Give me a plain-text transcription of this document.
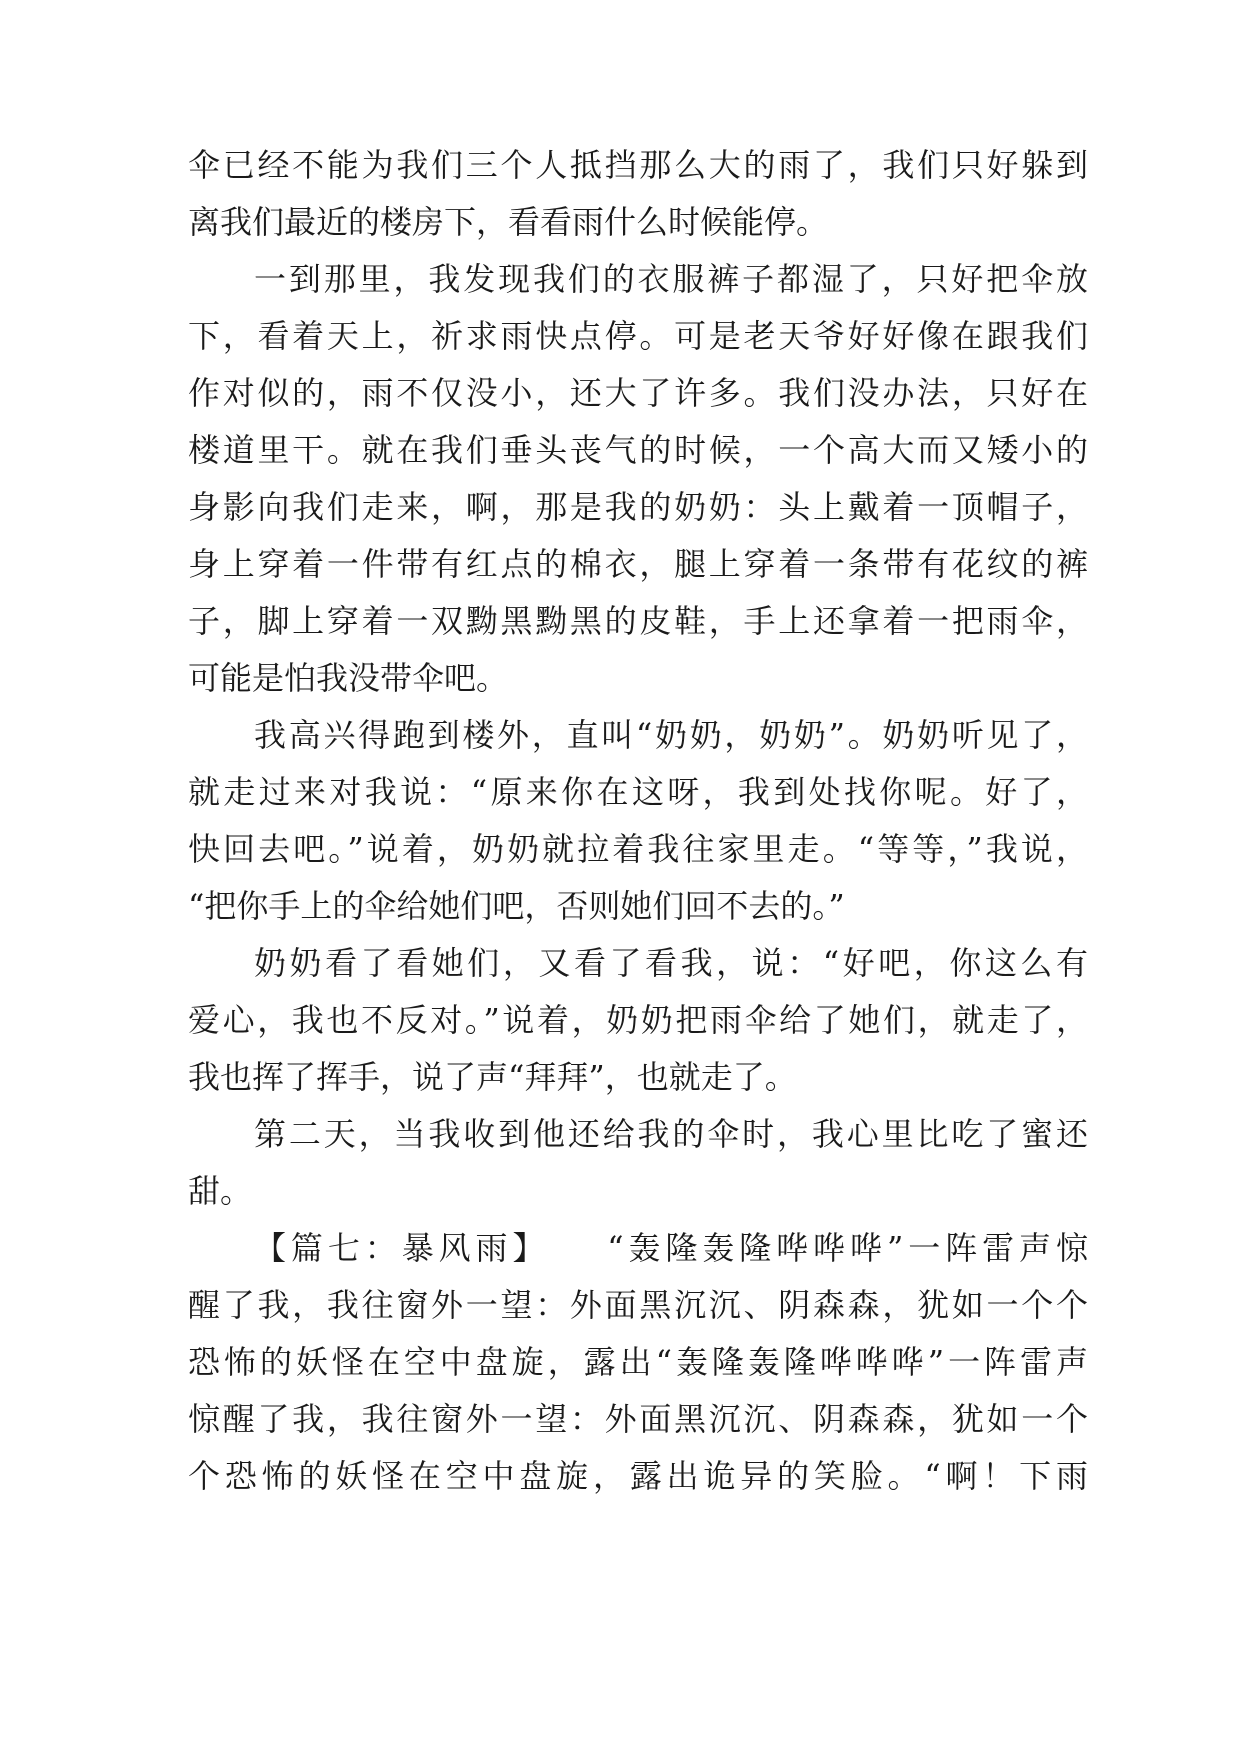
伞已经不能为我们三个人抵挡那么大的雨了，我们只好躲到
离我们最近的楼房下，看看雨什么时候能停。
一到那里，我发现我们的衣服裤子都湿了，只好把伞放
下，看着天上，祈求雨快点停。可是老天爷好好像在跟我们
作对似的，雨不仅没小，还大了许多。我们没办法，只好在
楼道里干。就在我们垂头丧气的时候，一个高大而又矮小的
身影向我们走来，啊，那是我的奶奶：头上戴着一顶帽子，
身上穿着一件带有红点的棉衣，腿上穿着一条带有花纹的裤
子，脚上穿着一双黝黑黝黑的皮鞋，手上还拿着一把雨伞，
可能是怕我没带伞吧。
我高兴得跑到楼外，直叫“奶奶，奶奶”。奶奶听见了，
就走过来对我说：“原来你在这呀，我到处找你呢。好了，
快回去吧。”说着，奶奶就拉着我往家里走。“等等，”我说，
“把你手上的伞给她们吧，否则她们回不去的。”
奶奶看了看她们，又看了看我，说：“好吧，你这么有
爱心，我也不反对。”说着，奶奶把雨伞给了她们，就走了，
我也挥了挥手，说了声“拜拜”，也就走了。
第二天，当我收到他还给我的伞时，我心里比吃了蜜还
甜。
【篇七：暴风雨】　　“轰隆轰隆哗哗哗”一阵雷声惊
醒了我，我往窗外一望：外面黑沉沉、阴森森，犹如一个个
恐怖的妖怪在空中盘旋，露出“轰隆轰隆哗哗哗”一阵雷声
惊醒了我，我往窗外一望：外面黑沉沉、阴森森，犹如一个
个恐怖的妖怪在空中盘旋，露出诡异的笑脸。“啊！下雨
